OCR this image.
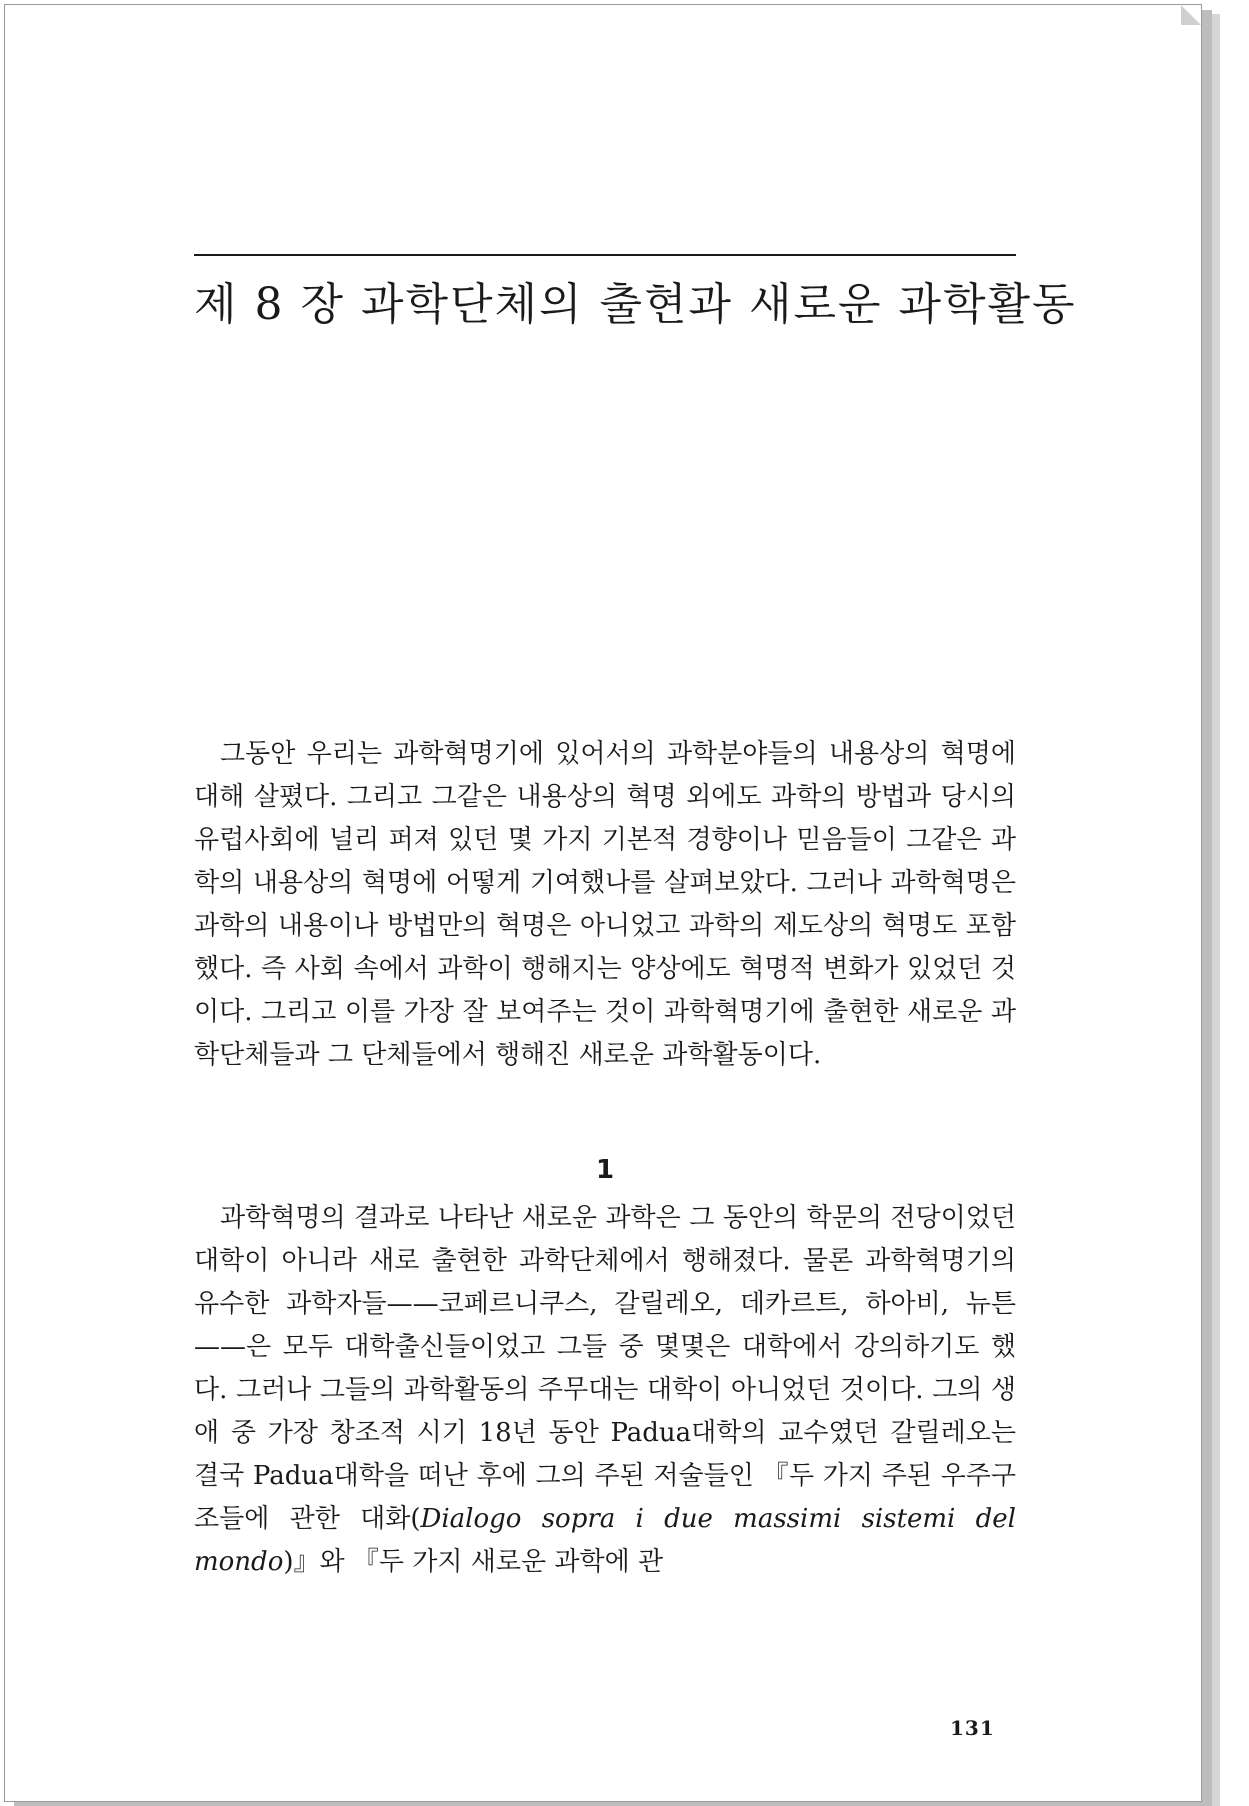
제 8 장 과학단체의 출현과 새로운 과학활동

그동안 우리는 과학혁명기에 있어서의 과학분야들의 내용상의 혁명에 대해 살폈다. 그리고 그같은 내용상의 혁명 외에도 과학의 방법과 당시의 유럽사회에 널리 퍼져 있던 몇 가지 기본적 경향이나 믿음들이 그같은 과학의 내용상의 혁명에 어떻게 기여했나를 살펴보았다. 그러나 과학혁명은 과학의 내용이나 방법만의 혁명은 아니었고 과학의 제도상의 혁명도 포함했다. 즉 사회 속에서 과학이 행해지는 양상에도 혁명적 변화가 있었던 것이다. 그리고 이를 가장 잘 보여주는 것이 과학혁명기에 출현한 새로운 과학단체들과 그 단체들에서 행해진 새로운 과학활동이다.

1

과학혁명의 결과로 나타난 새로운 과학은 그 동안의 학문의 전당이었던 대학이 아니라 새로 출현한 과학단체에서 행해졌다. 물론 과학혁명기의 유수한 과학자들——코페르니쿠스, 갈릴레오, 데카르트, 하아비, 뉴튼——은 모두 대학출신들이었고 그들 중 몇몇은 대학에서 강의하기도 했다. 그러나 그들의 과학활동의 주무대는 대학이 아니었던 것이다. 그의 생애 중 가장 창조적 시기 18년 동안 Padua대학의 교수였던 갈릴레오는 결국 Padua대학을 떠난 후에 그의 주된 저술들인 『두 가지 주된 우주구조들에 관한 대화(Dialogo sopra i due massimi sistemi del mondo)』와 『두 가지 새로운 과학에 관

131
